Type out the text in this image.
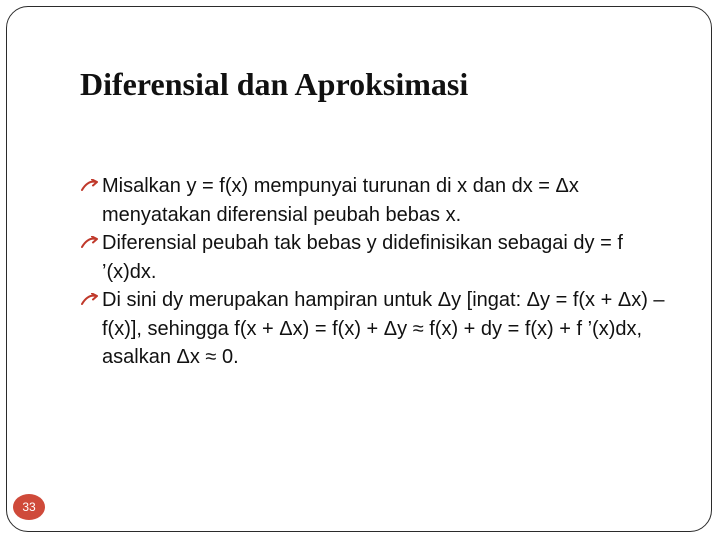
Diferensial dan Aproksimasi
Misalkan y = f(x) mempunyai turunan di x dan dx = Δx menyatakan diferensial peubah bebas x.
Diferensial peubah tak bebas y didefinisikan sebagai dy = f ’(x)dx.
Di sini dy merupakan hampiran untuk Δy [ingat: Δy = f(x + Δx) – f(x)], sehingga f(x + Δx) = f(x) + Δy ≈ f(x) + dy = f(x) + f ’(x)dx, asalkan Δx ≈ 0.
33
